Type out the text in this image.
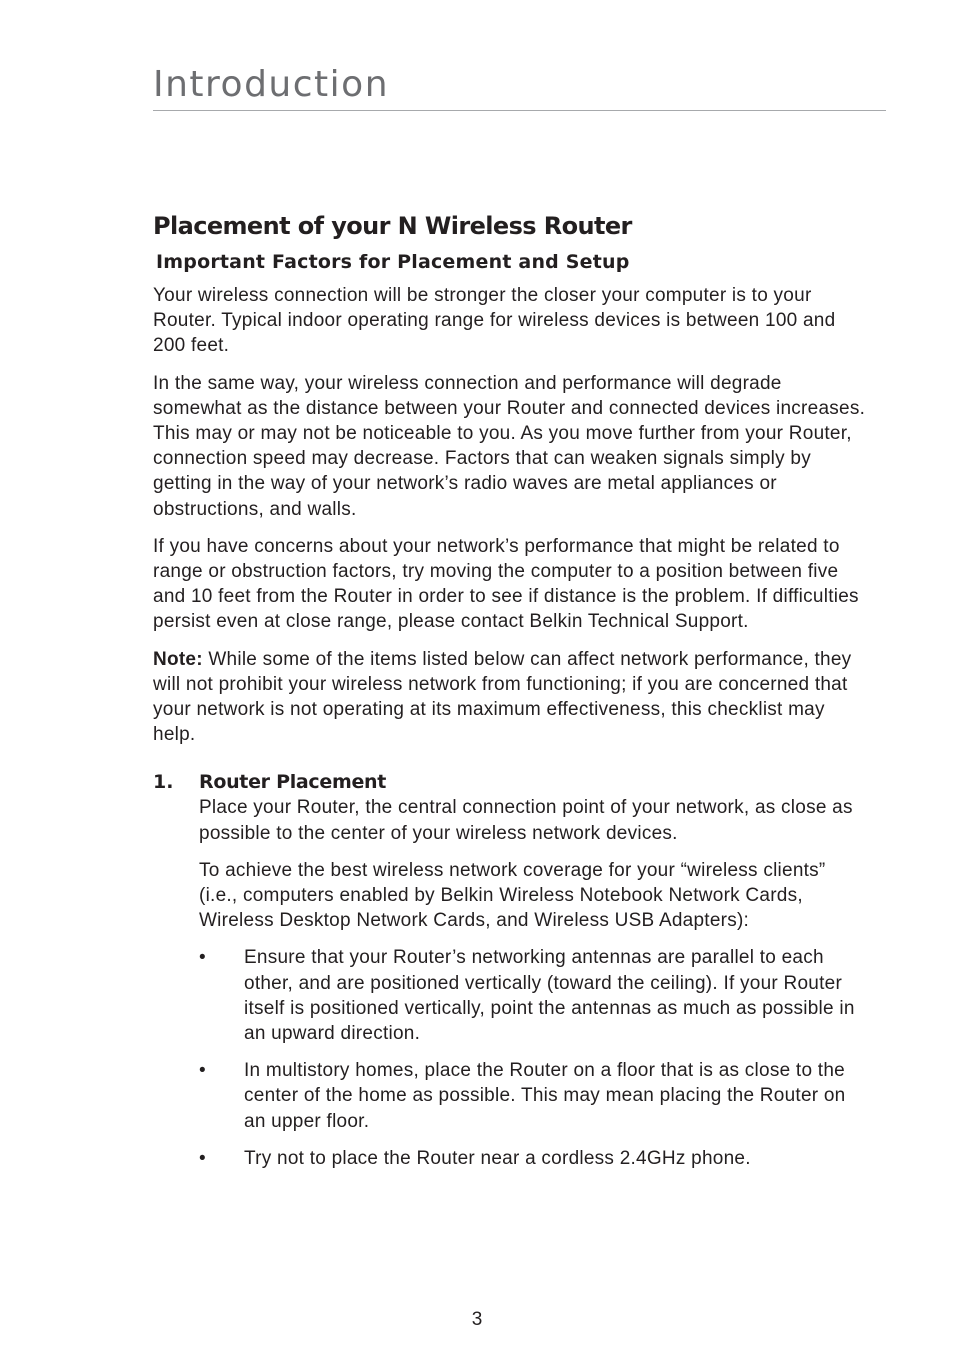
Introduction
Placement of your N Wireless Router
Important Factors for Placement and Setup

Your wireless connection will be stronger the closer your computer is to your Router. Typical indoor operating range for wireless devices is between 100 and 200 feet.

In the same way, your wireless connection and performance will degrade somewhat as the distance between your Router and connected devices increases. This may or may not be noticeable to you. As you move further from your Router, connection speed may decrease. Factors that can weaken signals simply by getting in the way of your network’s radio waves are metal appliances or obstructions, and walls.

If you have concerns about your network’s performance that might be related to range or obstruction factors, try moving the computer to a position between five and 10 feet from the Router in order to see if distance is the problem. If difficulties persist even at close range, please contact Belkin Technical Support.

Note: While some of the items listed below can affect network performance, they will not prohibit your wireless network from functioning; if you are concerned that your network is not operating at its maximum effectiveness, this checklist may help.

1. Router Placement

Place your Router, the central connection point of your network, as close as possible to the center of your wireless network devices.

To achieve the best wireless network coverage for your “wireless clients” (i.e., computers enabled by Belkin Wireless Notebook Network Cards, Wireless Desktop Network Cards, and Wireless USB Adapters):

• Ensure that your Router’s networking antennas are parallel to each other, and are positioned vertically (toward the ceiling). If your Router itself is positioned vertically, point the antennas as much as possible in an upward direction.
• In multistory homes, place the Router on a floor that is as close to the center of the home as possible. This may mean placing the Router on an upper floor.
• Try not to place the Router near a cordless 2.4GHz phone.
3
